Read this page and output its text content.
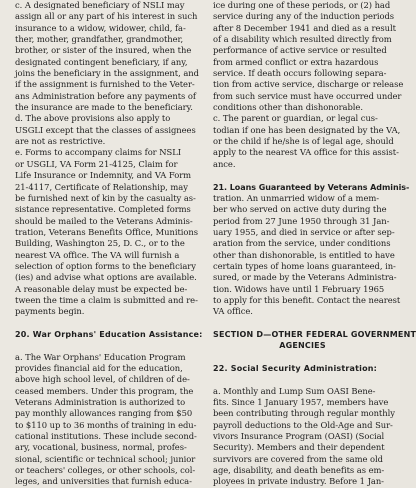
c. A designated beneficiary of NSLI may
assign all or any part of his interest in such
insurance to a widow, widower, child, fa-
ther, mother, grandfather, grandmother,
brother, or sister of the insured, when the
designated contingent beneficiary, if any,
joins the beneficiary in the assignment, and
if the assignment is furnished to the Veter-
ans Administration before any payments of
the insurance are made to the beneficiary.
d. The above provisions also apply to
USGLI except that the classes of assignees
are not as restrictive.
e. Forms to accompany claims for NSLI
or USGLI, VA Form 21-4125, Claim for
Life Insurance or Indemnity, and VA Form
21-4117, Certificate of Relationship, may
be furnished next of kin by the casualty as-
sistance representative. Completed forms
should be mailed to the Veterans Adminis-
tration, Veterans Benefits Office, Munitions
Building, Washington 25, D. C., or to the
nearest VA office. The VA will furnish a
selection of option forms to the beneficiary
(ies) and advise what options are available.
A reasonable delay must be expected be-
tween the time a claim is submitted and re-
payments begin.
20. War Orphans' Education Assistance:
a. The War Orphans' Education Program
provides financial aid for the education,
above high school level, of children of de-
ceased members. Under this program, the
Veterans Administration is authorized to
pay monthly allowances ranging from $50
to $110 up to 36 months of training in edu-
cational institutions. These include second-
ary, vocational, business, normal, profes-
sional, scientific or technical school; junior
or teachers' colleges, or other schools, col-
leges, and universities that furnish educa-
ice during one of these periods, or (2) had
service during any of the induction periods
after 8 December 1941 and died as a result
of a disability which resulted directly from
performance of active service or resulted
from armed conflict or extra hazardous
service. If death occurs following separa-
tion from active service, discharge or release
from such service must have occurred under
conditions other than dishonorable.
c. The parent or guardian, or legal cus-
todian if one has been designated by the VA,
or the child if he/she is of legal age, should
apply to the nearest VA office for this assist-
ance.
21. Loans Guaranteed by Veterans Adminis-
tration. An unmarried widow of a mem-
ber who served on active duty during the
period from 27 June 1950 through 31 Jan-
uary 1955, and died in service or after sep-
aration from the service, under conditions
other than dishonorable, is entitled to have
certain types of home loans guaranteed, in-
sured, or made by the Veterans Administra-
tion. Widows have until 1 February 1965
to apply for this benefit. Contact the nearest
VA office.
SECTION D—OTHER FEDERAL GOVERNMENT
AGENCIES
22. Social Security Administration:
a. Monthly and Lump Sum OASI Bene-
fits. Since 1 January 1957, members have
been contributing through regular monthly
payroll deductions to the Old-Age and Sur-
vivors Insurance Program (OASI) (Social
Security). Members and their dependent
survivors are covered from the same old
age, disability, and death benefits as em-
ployees in private industry. Before 1 Jan-
